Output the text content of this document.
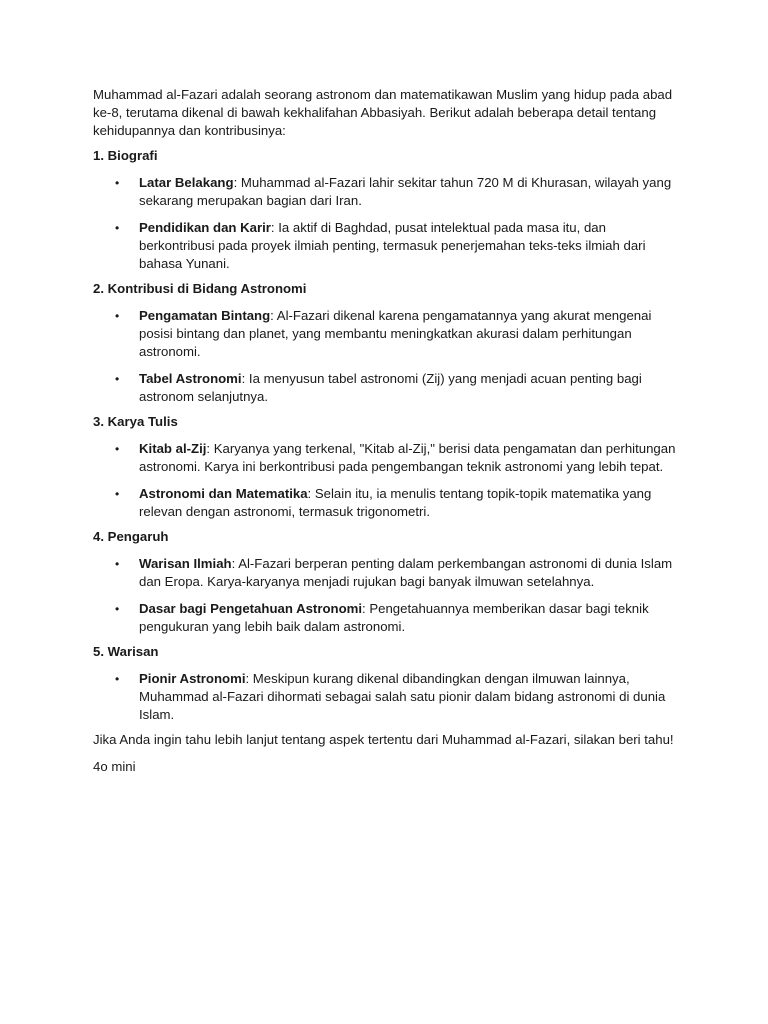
Muhammad al-Fazari adalah seorang astronom dan matematikawan Muslim yang hidup pada abad ke-8, terutama dikenal di bawah kekhalifahan Abbasiyah. Berikut adalah beberapa detail tentang kehidupannya dan kontribusinya:

1. Biografi

• Latar Belakang: Muhammad al-Fazari lahir sekitar tahun 720 M di Khurasan, wilayah yang sekarang merupakan bagian dari Iran.
• Pendidikan dan Karir: Ia aktif di Baghdad, pusat intelektual pada masa itu, dan berkontribusi pada proyek ilmiah penting, termasuk penerjemahan teks-teks ilmiah dari bahasa Yunani.

2. Kontribusi di Bidang Astronomi

• Pengamatan Bintang: Al-Fazari dikenal karena pengamatannya yang akurat mengenai posisi bintang dan planet, yang membantu meningkatkan akurasi dalam perhitungan astronomi.
• Tabel Astronomi: Ia menyusun tabel astronomi (Zij) yang menjadi acuan penting bagi astronom selanjutnya.

3. Karya Tulis

• Kitab al-Zij: Karyanya yang terkenal, "Kitab al-Zij," berisi data pengamatan dan perhitungan astronomi. Karya ini berkontribusi pada pengembangan teknik astronomi yang lebih tepat.
• Astronomi dan Matematika: Selain itu, ia menulis tentang topik-topik matematika yang relevan dengan astronomi, termasuk trigonometri.

4. Pengaruh

• Warisan Ilmiah: Al-Fazari berperan penting dalam perkembangan astronomi di dunia Islam dan Eropa. Karya-karyanya menjadi rujukan bagi banyak ilmuwan setelahnya.
• Dasar bagi Pengetahuan Astronomi: Pengetahuannya memberikan dasar bagi teknik pengukuran yang lebih baik dalam astronomi.

5. Warisan

• Pionir Astronomi: Meskipun kurang dikenal dibandingkan dengan ilmuwan lainnya, Muhammad al-Fazari dihormati sebagai salah satu pionir dalam bidang astronomi di dunia Islam.

Jika Anda ingin tahu lebih lanjut tentang aspek tertentu dari Muhammad al-Fazari, silakan beri tahu!

4o mini
